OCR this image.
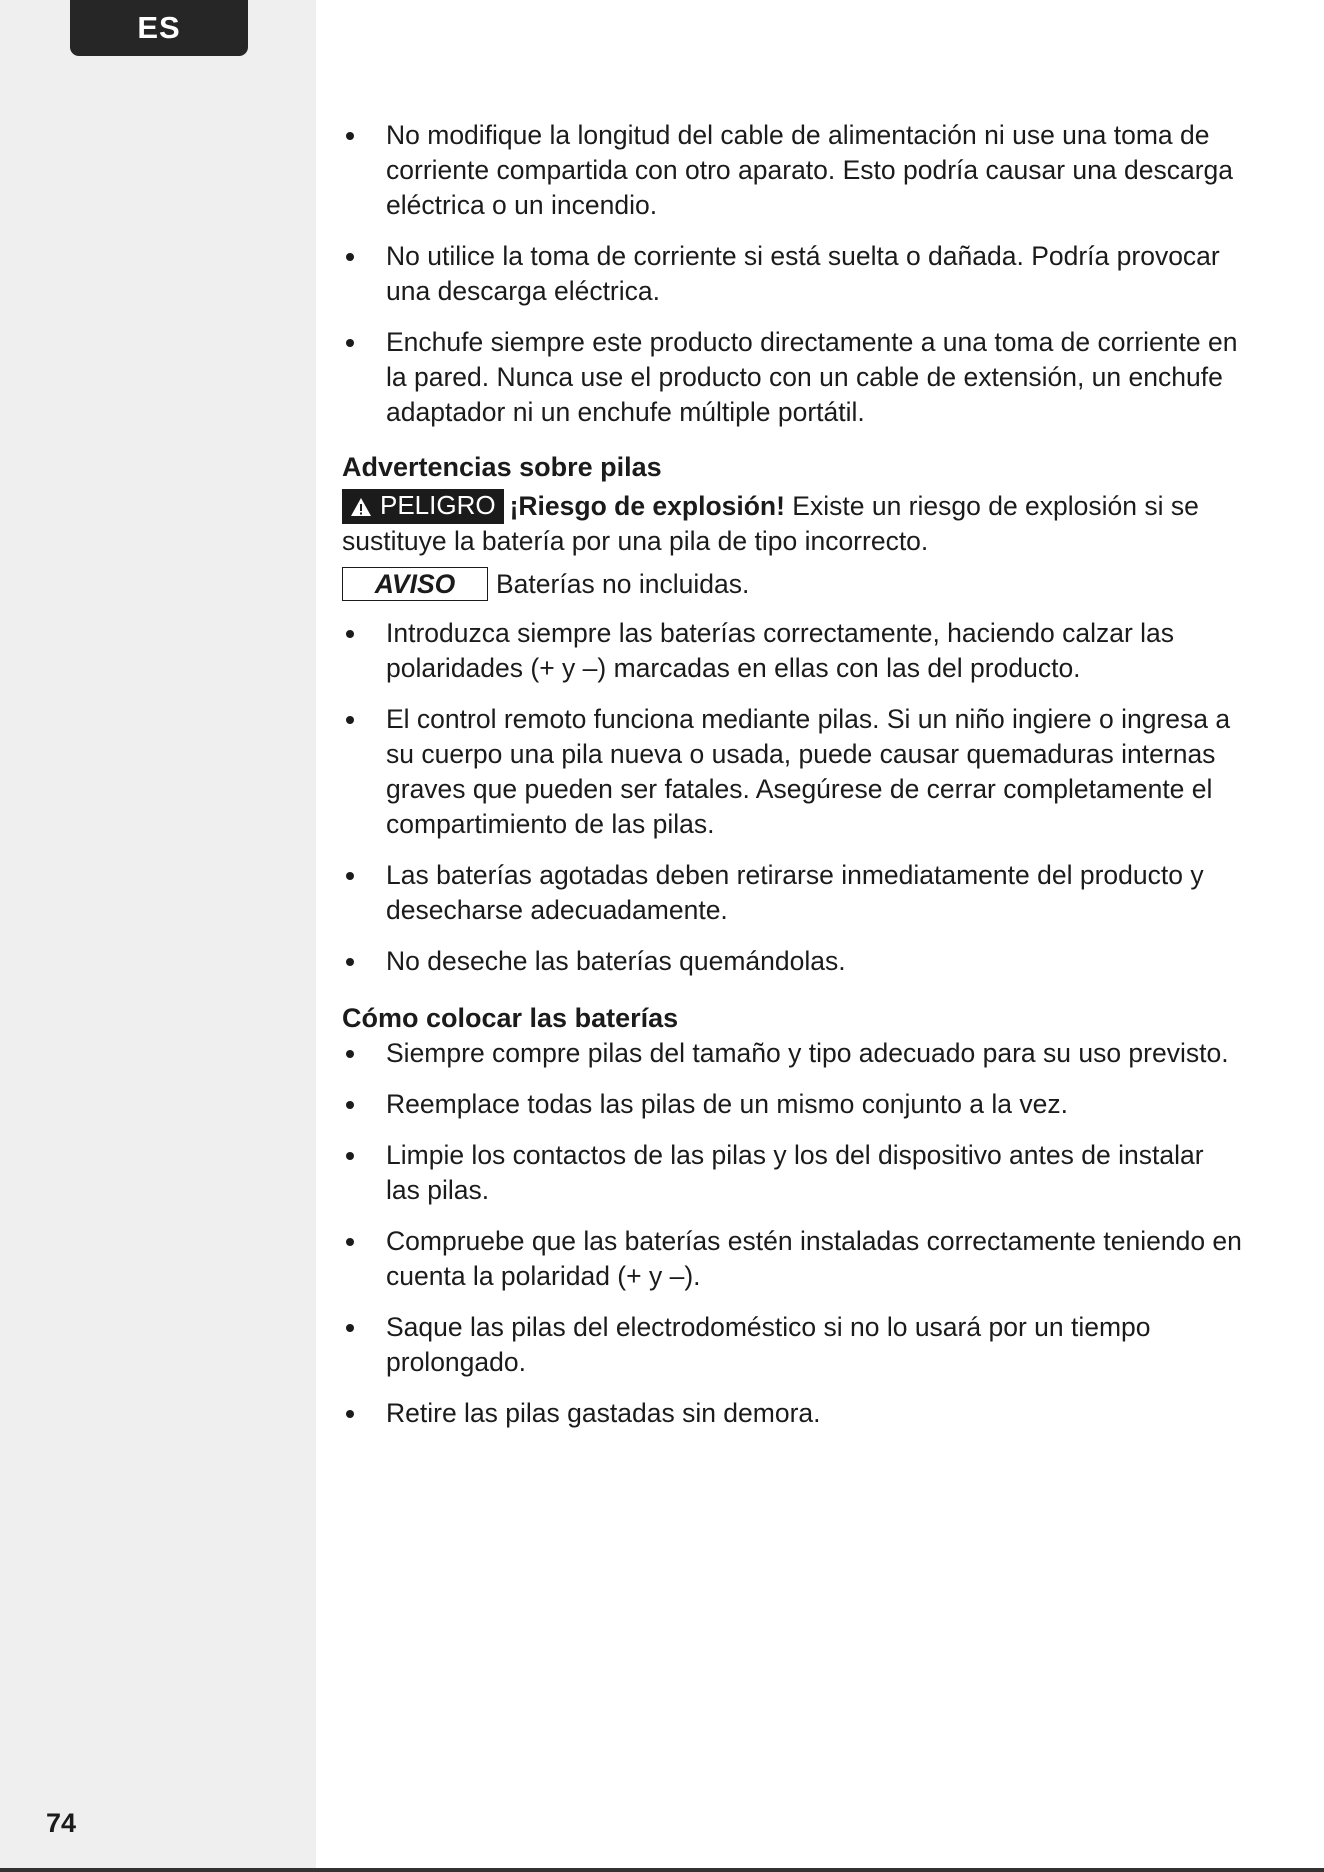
ES
74
No modifique la longitud del cable de alimentación ni use una toma de corriente compartida con otro aparato. Esto podría causar una descarga eléctrica o un incendio.
No utilice la toma de corriente si está suelta o dañada. Podría provocar una descarga eléctrica.
Enchufe siempre este producto directamente a una toma de corriente en la pared. Nunca use el producto con un cable de extensión, un enchufe adaptador ni un enchufe múltiple portátil.
Advertencias sobre pilas
PELIGRO ¡Riesgo de explosión! Existe un riesgo de explosión si se sustituye la batería por una pila de tipo incorrecto.
AVISO Baterías no incluidas.
Introduzca siempre las baterías correctamente, haciendo calzar las polaridades (+ y –) marcadas en ellas con las del producto.
El control remoto funciona mediante pilas. Si un niño ingiere o ingresa a su cuerpo una pila nueva o usada, puede causar quemaduras internas graves que pueden ser fatales. Asegúrese de cerrar completamente el compartimiento de las pilas.
Las baterías agotadas deben retirarse inmediatamente del producto y desecharse adecuadamente.
No deseche las baterías quemándolas.
Cómo colocar las baterías
Siempre compre pilas del tamaño y tipo adecuado para su uso previsto.
Reemplace todas las pilas de un mismo conjunto a la vez.
Limpie los contactos de las pilas y los del dispositivo antes de instalar las pilas.
Compruebe que las baterías estén instaladas correctamente teniendo en cuenta la polaridad (+ y –).
Saque las pilas del electrodoméstico si no lo usará por un tiempo prolongado.
Retire las pilas gastadas sin demora.
